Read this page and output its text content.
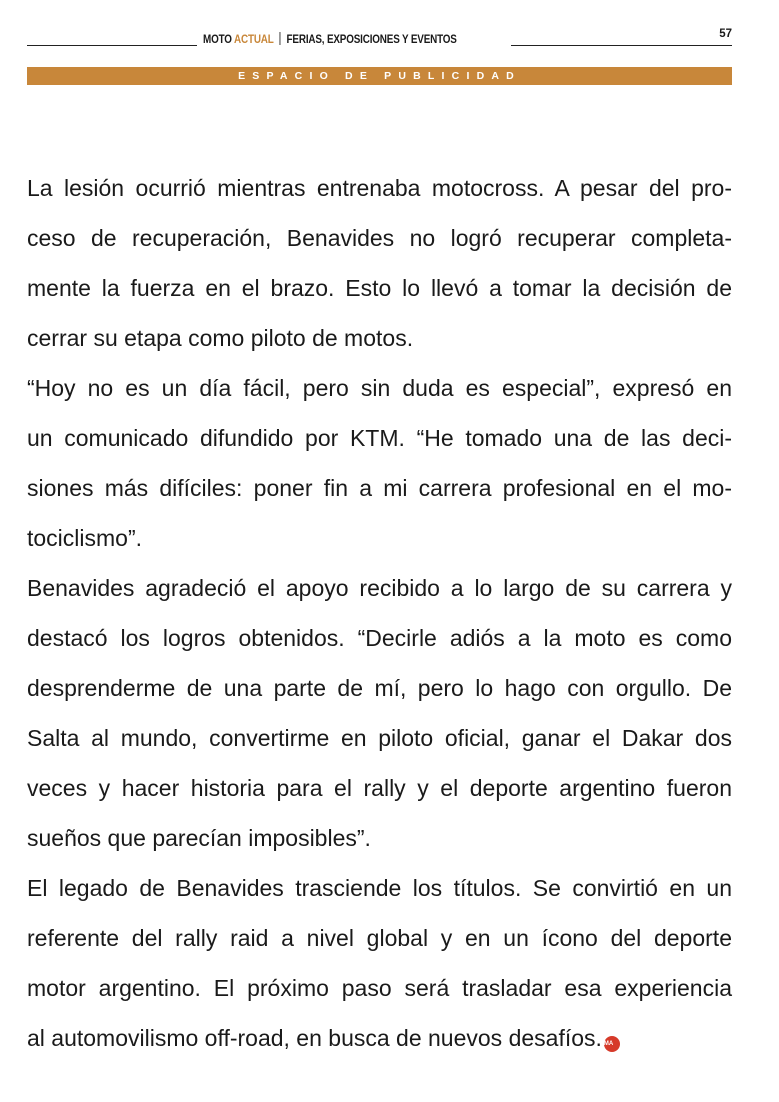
MOTO ACTUAL FERIAS, EXPOSICIONES Y EVENTOS	57
ESPACIO DE PUBLICIDAD

La lesión ocurrió mientras entrenaba motocross. A pesar del pro-
ceso de recuperación, Benavides no logró recuperar completa-
mente la fuerza en el brazo. Esto lo llevó a tomar la decisión de
cerrar su etapa como piloto de motos.

“Hoy no es un día fácil, pero sin duda es especial”, expresó en
un comunicado difundido por KTM. “He tomado una de las deci-
siones más difíciles: poner fin a mi carrera profesional en el mo-
tociclismo”.

Benavides agradeció el apoyo recibido a lo largo de su carrera y
destacó los logros obtenidos. “Decirle adiós a la moto es como
desprenderme de una parte de mí, pero lo hago con orgullo. De
Salta al mundo, convertirme en piloto oficial, ganar el Dakar dos
veces y hacer historia para el rally y el deporte argentino fueron
sueños que parecían imposibles”.

El legado de Benavides trasciende los títulos. Se convirtió en un
referente del rally raid a nivel global y en un ícono del deporte
motor argentino. El próximo paso será trasladar esa experiencia
al automovilismo off-road, en busca de nuevos desafíos. MA
